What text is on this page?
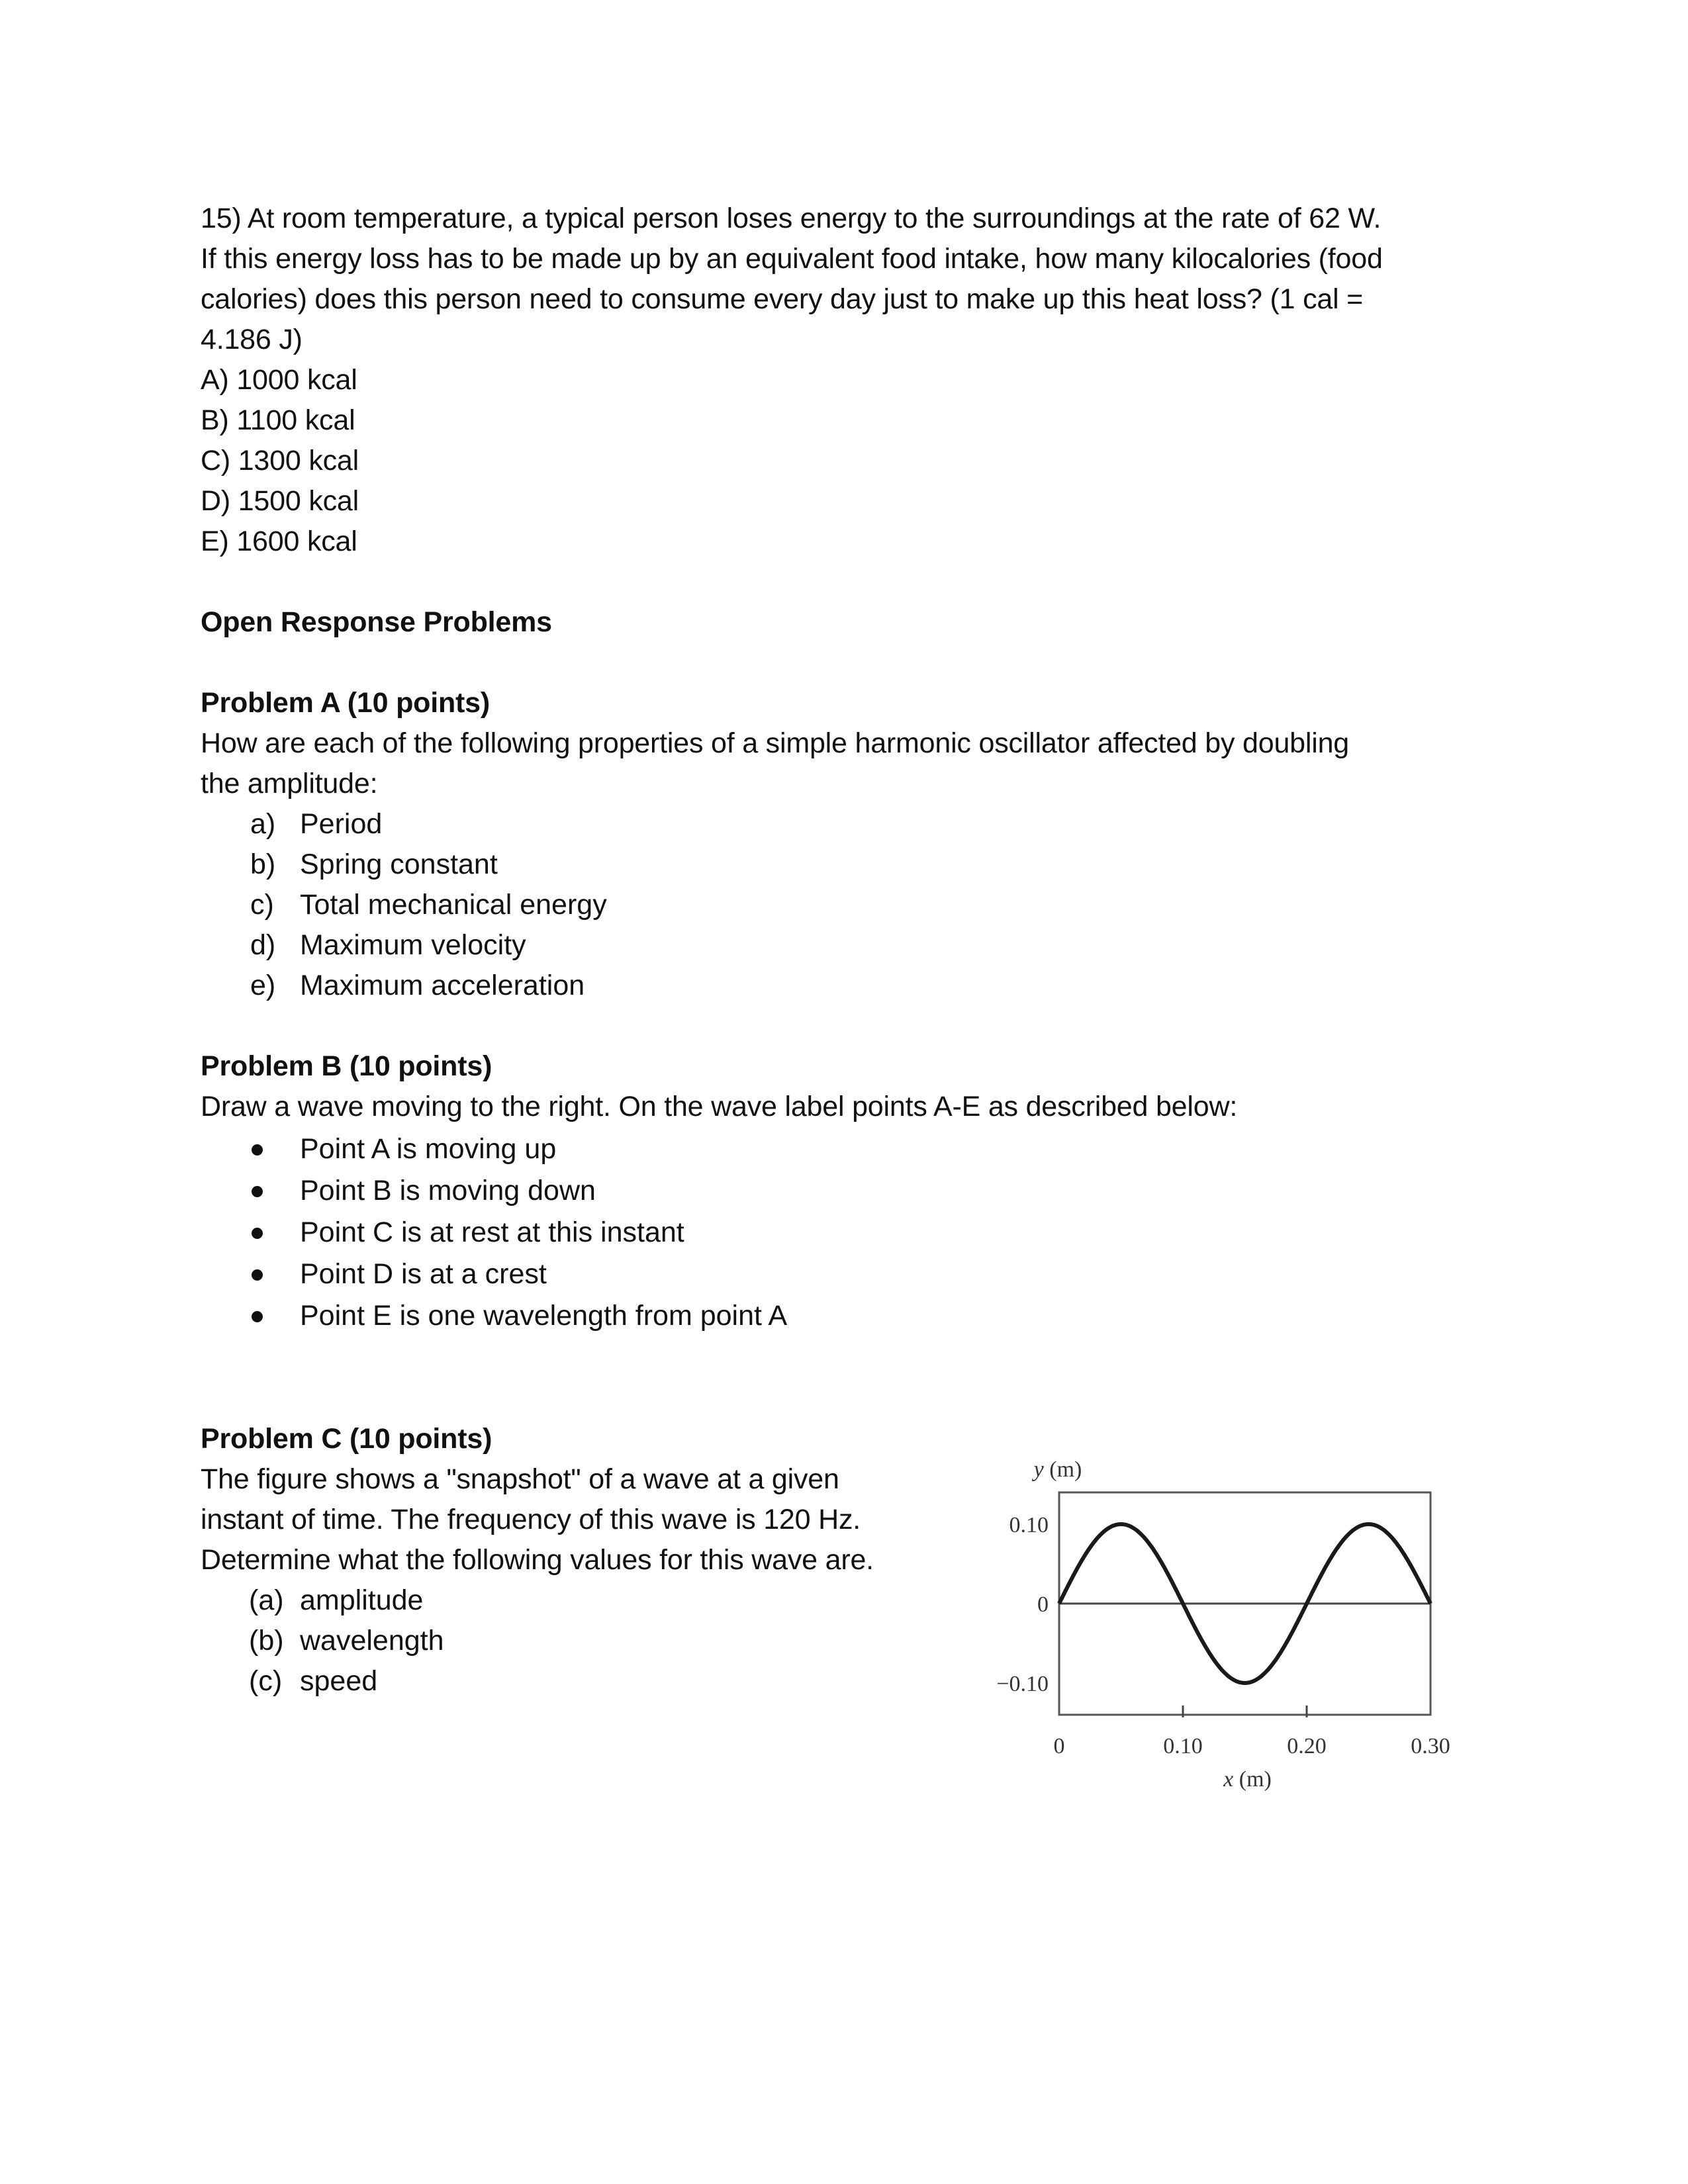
15) At room temperature, a typical person loses energy to the surroundings at the rate of 62 W.
If this energy loss has to be made up by an equivalent food intake, how many kilocalories (food
calories) does this person need to consume every day just to make up this heat loss? (1 cal =
4.186 J)
A) 1000 kcal
B) 1100 kcal
C) 1300 kcal
D) 1500 kcal
E) 1600 kcal
Open Response Problems
Problem A (10 points)
How are each of the following properties of a simple harmonic oscillator affected by doubling
the amplitude:
a) Period
b) Spring constant
c) Total mechanical energy
d) Maximum velocity
e) Maximum acceleration
Problem B (10 points)
Draw a wave moving to the right. On the wave label points A-E as described below:
Point A is moving up
Point B is moving down
Point C is at rest at this instant
Point D is at a crest
Point E is one wavelength from point A
Problem C (10 points)
The figure shows a "snapshot" of a wave at a given
instant of time. The frequency of this wave is 120 Hz.
Determine what the following values for this wave are.
(a) amplitude
(b) wavelength
(c) speed
0	0.10	0.20	0.30
0.10
0
−0.10
y (m)
x (m)
